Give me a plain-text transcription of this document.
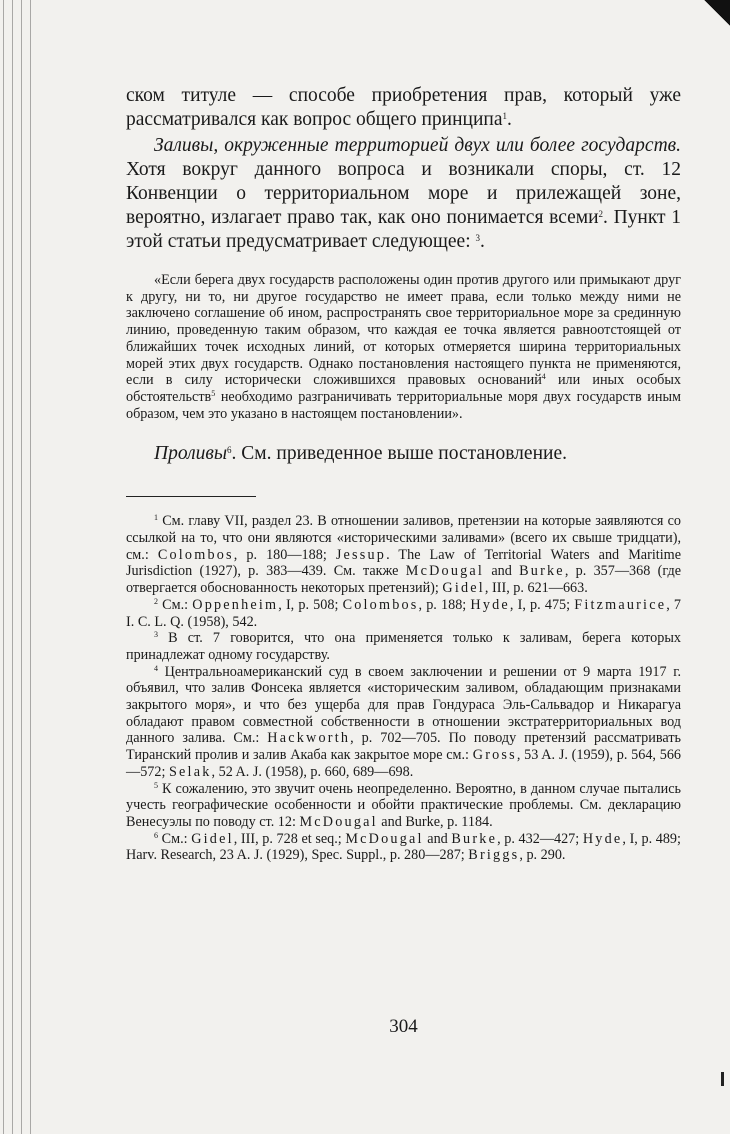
ском титуле — способе приобретения прав, который уже рассматривался как вопрос общего принципа$^1$.

Заливы, окруженные территорией двух или более государств. Хотя вокруг данного вопроса и возникали споры, ст. 12 Конвенции о территориальном море и прилежащей зоне, вероятно, излагает право так, как оно понимается всеми$^2$. Пункт 1 этой статьи предусматривает следующее: $^3$.

«Если берега двух государств расположены один против другого или примыкают друг к другу, ни то, ни другое государство не имеет права, если только между ними не заключено соглашение об ином, распространять свое территориальное море за срединную линию, проведенную таким образом, что каждая ее точка является равноотстоящей от ближайших точек исходных линий, от которых отмеряется ширина территориальных морей этих двух государств. Однако постановления настоящего пункта не применяются, если в силу исторически сложившихся правовых оснований$^4$ или иных особых обстоятельств$^5$ необходимо разграничивать территориальные моря двух государств иным образом, чем это указано в настоящем постановлении».

Проливы$^6$. См. приведенное выше постановление.

$^1$ См. главу VII, раздел 23. В отношении заливов, претензии на которые заявляются со ссылкой на то, что они являются «историческими заливами» (всего их свыше тридцати), см.: Colombos, p. 180—188; Jessup. The Law of Territorial Waters and Maritime Jurisdiction (1927), p. 383—439. См. также McDougal and Burke, p. 357—368 (где отвергается обоснованность некоторых претензий); Gidel, III, p. 621—663.

$^2$ См.: Oppenheim, I, p. 508; Colombos, p. 188; Hyde, I, p. 475; Fitzmaurice, 7 I. C. L. Q. (1958), 542.

$^3$ В ст. 7 говорится, что она применяется только к заливам, берега которых принадлежат одному государству.

$^4$ Центральноамериканский суд в своем заключении и решении от 9 марта 1917 г. объявил, что залив Фонсека является «историческим заливом, обладающим признаками закрытого моря», и что без ущерба для прав Гондураса Эль-Сальвадор и Никарагуа обладают правом совместной собственности в отношении экстратерриториальных вод данного залива. См.: Hackworth, p. 702—705. По поводу претензий рассматривать Тиранский пролив и залив Акаба как закрытое море см.: Gross, 53 A. J. (1959), p. 564, 566—572; Selak, 52 A. J. (1958), p. 660, 689—698.

$^5$ К сожалению, это звучит очень неопределенно. Вероятно, в данном случае пытались учесть географические особенности и обойти практические проблемы. См. декларацию Венесуэлы по поводу ст. 12: McDougal and Burke, p. 1184.

$^6$ См.: Gidel, III, p. 728 et seq.; McDougal and Burke, p. 432—427; Hyde, I, p. 489; Harv. Research, 23 A. J. (1929), Spec. Suppl., p. 280—287; Briggs, p. 290.

304
